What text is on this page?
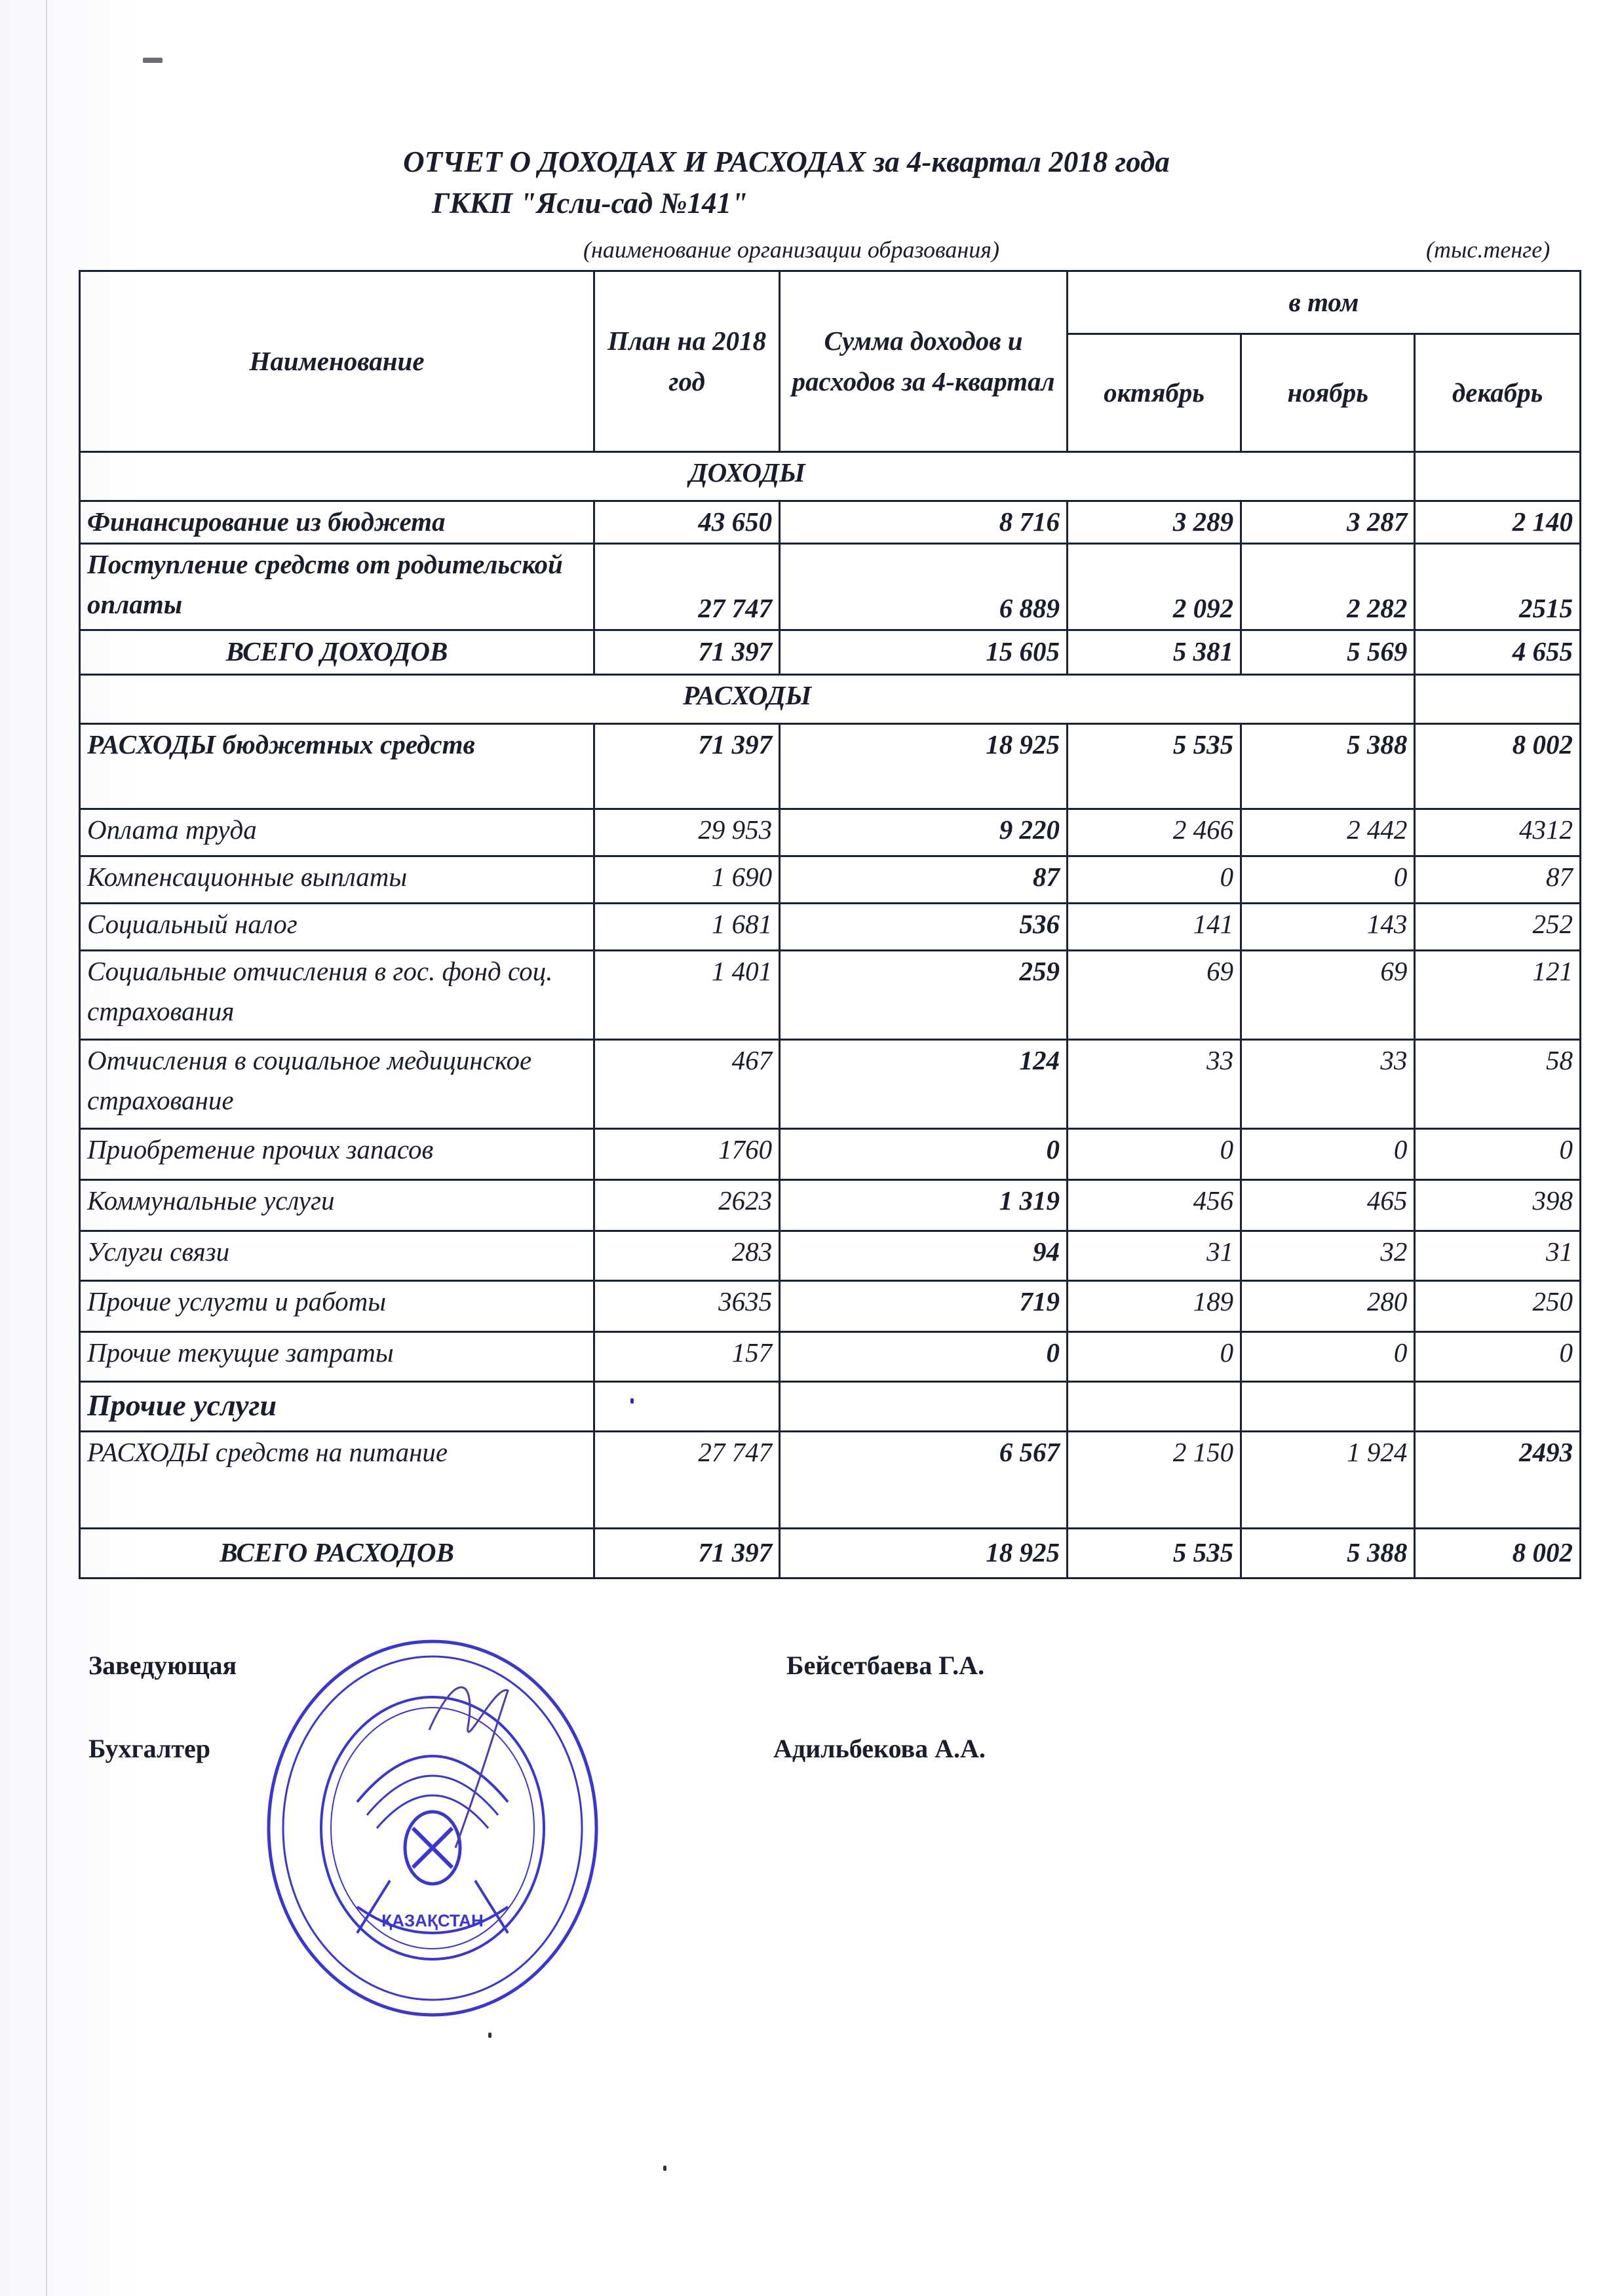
ОТЧЕТ О ДОХОДАХ И РАСХОДАХ за 4-квартал 2018 года
ГККП "Ясли-сад №141"
(наименование организации образования)	(тыс.тенге)
Наименование	План на 2018 год	Сумма доходов и расходов за 4-квартал	в том		
			октябрь	ноябрь	декабрь
ДОХОДЫ					
Финансирование из бюджета	43 650	8 716	3 289	3 287	2 140
Поступление средств от родительской оплаты	27 747	6 889	2 092	2 282	2515
ВСЕГО ДОХОДОВ	71 397	15 605	5 381	5 569	4 655
РАСХОДЫ					
РАСХОДЫ бюджетных средств	71 397	18 925	5 535	5 388	8 002
Оплата труда	29 953	9 220	2 466	2 442	4312
Компенсационные выплаты	1 690	87	0	0	87
Социальный налог	1 681	536	141	143	252
Социальные отчисления в гос. фонд соц. страхования	1 401	259	69	69	121
Отчисления в социальное медицинское страхование	467	124	33	33	58
Приобретение прочих запасов	1760	0	0	0	0
Коммунальные услуги	2623	1 319	456	465	398
Услуги связи	283	94	31	32	31
Прочие услугти и работы	3635	719	189	280	250
Прочие текущие затраты	157	0	0	0	0
Прочие услуги					
РАСХОДЫ средств на питание	27 747	6 567	2 150	1 924	2493
ВСЕГО РАСХОДОВ	71 397	18 925	5 535	5 388	8 002
Заведующая	Бейсетбаева Г.А.
Бухгалтер	Адильбекова А.А.
ҚАЗАҚСТАН
